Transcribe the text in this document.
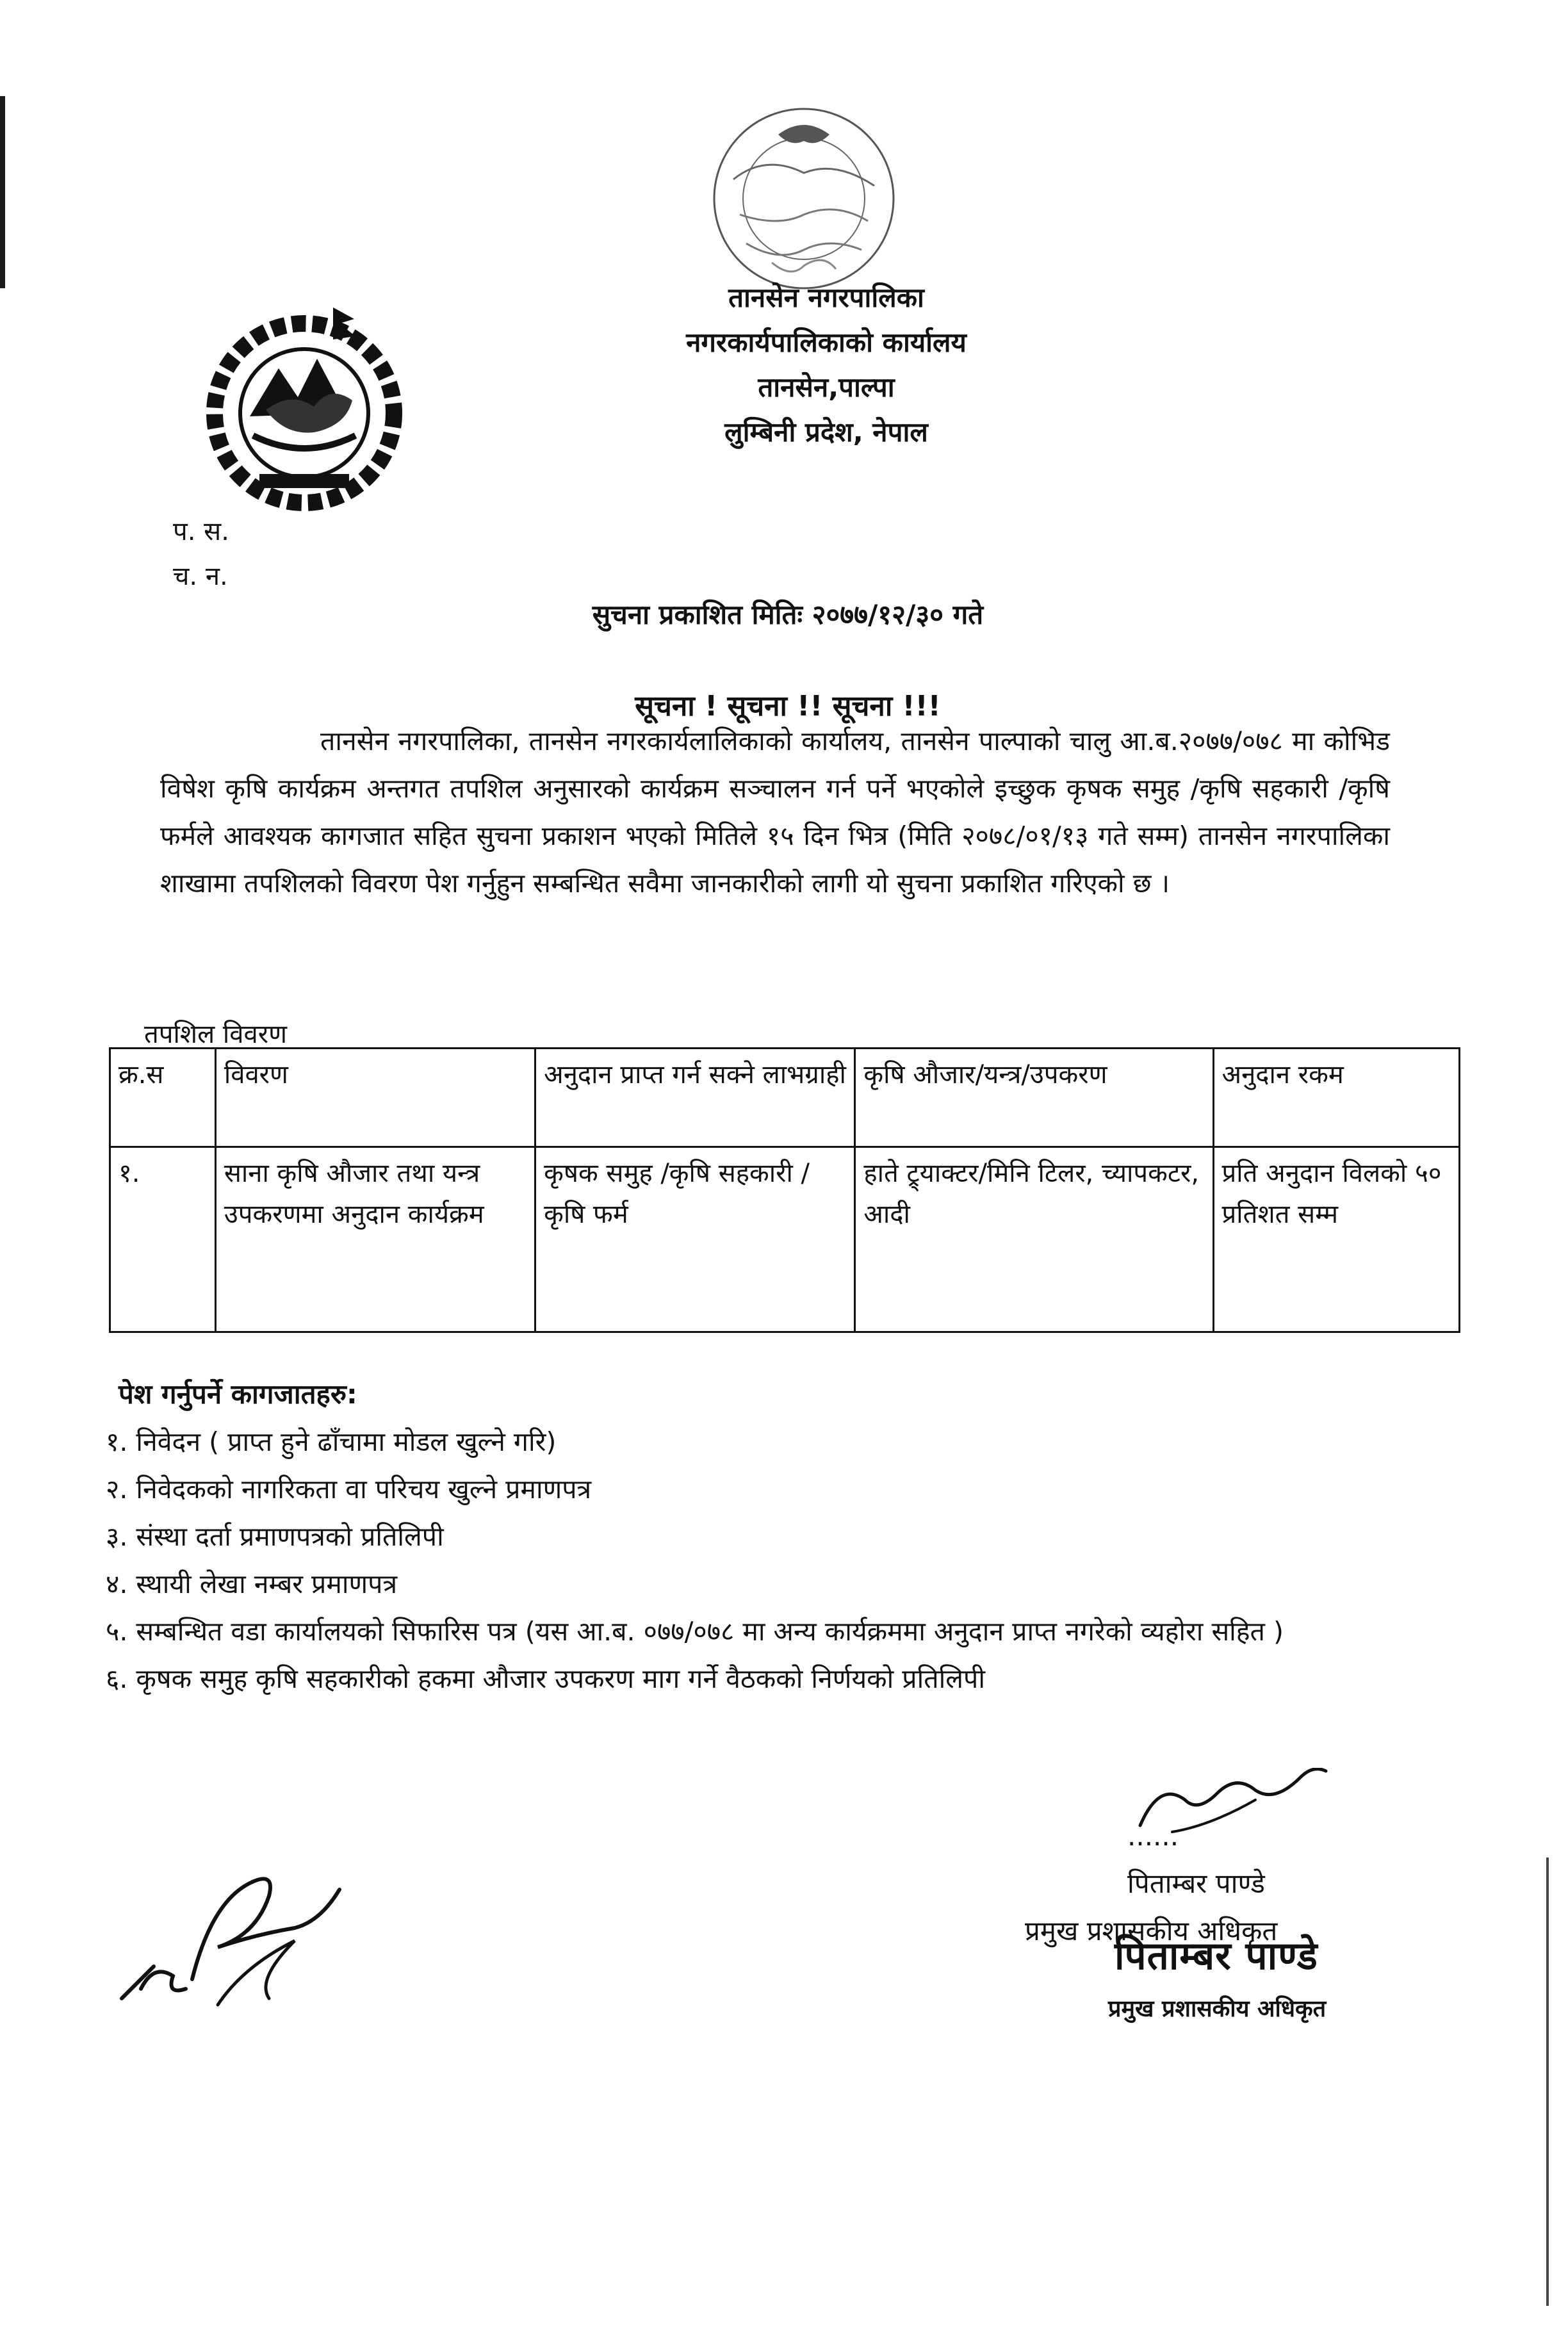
तानसेन नगरपालिका
नगरकार्यपालिकाको कार्यालय
तानसेन,पाल्पा
लुम्बिनी प्रदेश, नेपाल
प. स.
च. न.
सुचना प्रकाशित मितिः २०७७/१२/३० गते
सूचना ! सूचना !! सूचना !!!
तानसेन नगरपालिका, तानसेन नगरकार्यलालिकाको कार्यालय, तानसेन पाल्पाको चालु आ.ब.२०७७/०७८ मा कोभिड विषेश कृषि कार्यक्रम अन्तगत तपशिल अनुसारको कार्यक्रम सञ्चालन गर्न पर्ने भएकोले इच्छुक कृषक समुह /कृषि सहकारी /कृषि फर्मले आवश्यक कागजात सहित सुचना प्रकाशन भएको मितिले १५ दिन भित्र (मिति २०७८/०१/१३ गते सम्म) तानसेन नगरपालिका शाखामा तपशिलको विवरण पेश गर्नुहुन सम्बन्धित सवैमा जानकारीको लागी यो सुचना प्रकाशित गरिएको छ ।
तपशिल विवरण
क्र.स	विवरण	अनुदान प्राप्त गर्न सक्ने लाभग्राही	कृषि औजार/यन्त्र/उपकरण	अनुदान रकम
१.	साना कृषि औजार तथा यन्त्र उपकरणमा अनुदान कार्यक्रम	कृषक समुह /कृषि सहकारी /कृषि फर्म	हाते ट्र्याक्टर/मिनि टिलर, च्यापकटर, आदी	प्रति अनुदान विलको ५० प्रतिशत सम्म
पेश गर्नुपर्ने कागजातहरु:
१. निवेदन ( प्राप्त हुने ढाँचामा मोडल खुल्ने गरि)
२. निवेदकको नागरिकता वा परिचय खुल्ने प्रमाणपत्र
३. संस्था दर्ता प्रमाणपत्रको प्रतिलिपी
४. स्थायी लेखा नम्बर प्रमाणपत्र
५. सम्बन्धित वडा कार्यालयको सिफारिस पत्र (यस आ.ब. ०७७/०७८ मा अन्य कार्यक्रममा अनुदान प्राप्त नगरेको व्यहोरा सहित )
६. कृषक समुह कृषि सहकारीको हकमा औजार उपकरण माग गर्ने वैठकको निर्णयको प्रतिलिपी
......
पिताम्बर पाण्डे
प्रमुख प्रशासकीय अधिकृत
पिताम्बर पाण्डे
प्रमुख प्रशासकीय अधिकृत
